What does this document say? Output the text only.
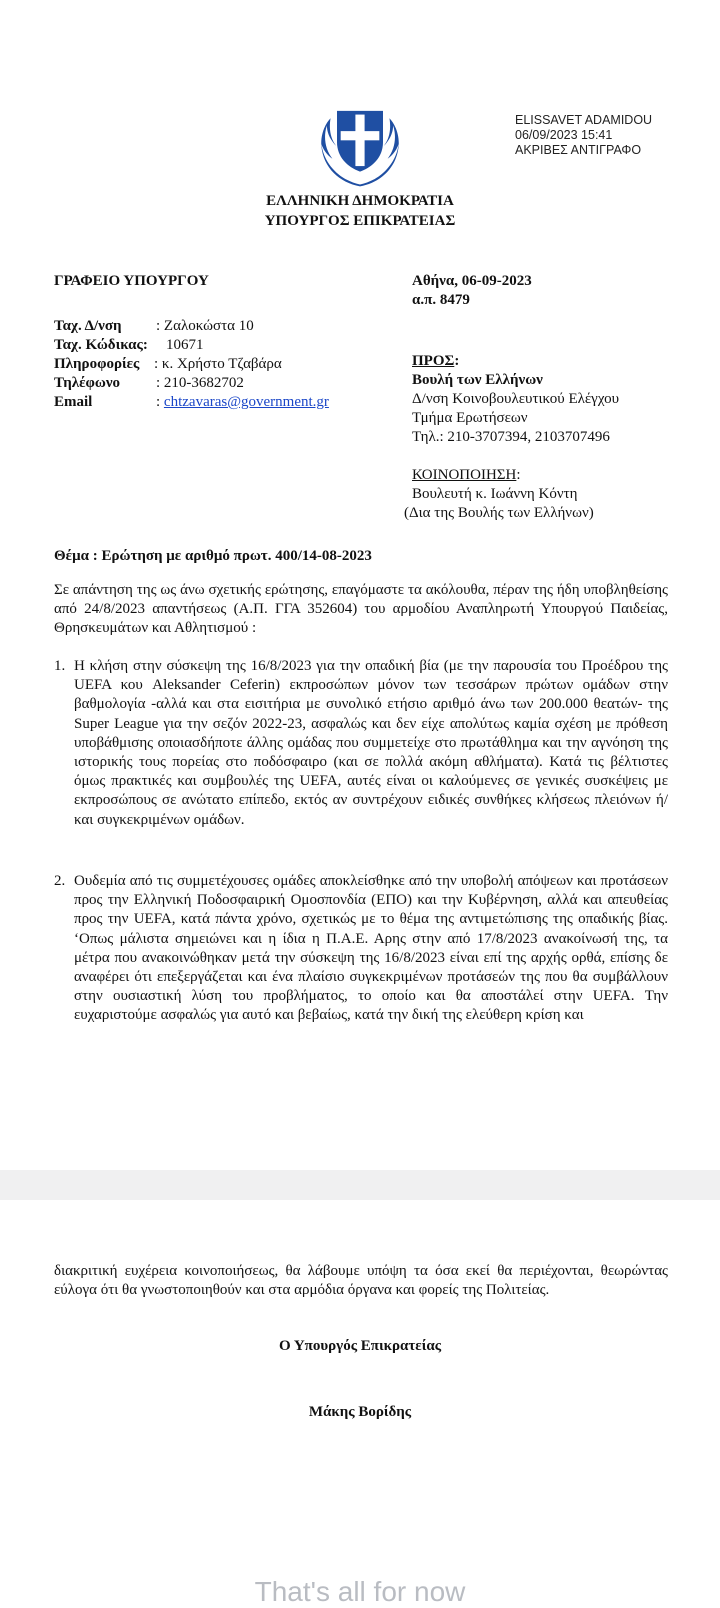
ELISSAVET ADAMIDOU
06/09/2023 15:41
ΑΚΡΙΒΕΣ ΑΝΤΙΓΡΑΦΟ
ΕΛΛΗΝΙΚΗ ΔΗΜΟΚΡΑΤΙΑ
ΥΠΟΥΡΓΟΣ ΕΠΙΚΡΑΤΕΙΑΣ
ΓΡΑΦΕΙΟ ΥΠΟΥΡΓΟΥ	Αθήνα, 06-09-2023
α.π. 8479
Ταχ. Δ/νση : Ζαλοκώστα 10
Ταχ. Κώδικας: 10671
Πληροφορίες : κ. Χρήστο Τζαβάρα
Τηλέφωνο : 210-3682702
Email	: chtzavaras@government.gr
ΠΡΟΣ:
Βουλή των Ελλήνων
Δ/νση Κοινοβουλευτικού Ελέγχου
Τμήμα Ερωτήσεων
Τηλ.: 210-3707394, 2103707496
ΚΟΙΝΟΠΟΙΗΣΗ:
Βουλευτή κ. Ιωάννη Κόντη
(Δια της Βουλής των Ελλήνων)
Θέμα : Ερώτηση με αριθμό πρωτ. 400/14-08-2023
Σε απάντηση της ως άνω σχετικής ερώτησης, επαγόμαστε τα ακόλουθα, πέραν της ήδη υποβληθείσης από 24/8/2023 απαντήσεως (Α.Π. ΓΓΑ 352604) του αρμοδίου Αναπληρωτή Υπουργού Παιδείας, Θρησκευμάτων και Αθλητισμού :
1. Η κλήση στην σύσκεψη της 16/8/2023 για την οπαδική βία (με την παρουσία του Προέδρου της UEFA κου Aleksander Ceferin) εκπροσώπων μόνον των τεσσάρων πρώτων ομάδων στην βαθμολογία -αλλά και στα εισιτήρια με συνολικό ετήσιο αριθμό άνω των 200.000 θεατών- της Super League για την σεζόν 2022-23, ασφαλώς και δεν είχε απολύτως καμία σχέση με πρόθεση υποβάθμισης οποιασδήποτε άλλης ομάδας που συμμετείχε στο πρωτάθλημα και την αγνόηση της ιστορικής τους πορείας στο ποδόσφαιρο (και σε πολλά ακόμη αθλήματα). Κατά τις βέλτιστες όμως πρακτικές και συμβουλές της UEFA, αυτές είναι οι καλούμενες σε γενικές συσκέψεις με εκπροσώπους σε ανώτατο επίπεδο, εκτός αν συντρέχουν ειδικές συνθήκες κλήσεως πλειόνων ή/και συγκεκριμένων ομάδων.
2. Ουδεμία από τις συμμετέχουσες ομάδες αποκλείσθηκε από την υποβολή απόψεων και προτάσεων προς την Ελληνική Ποδοσφαιρική Ομοσπονδία (ΕΠΟ) και την Κυβέρνηση, αλλά και απευθείας προς την UEFA, κατά πάντα χρόνο, σχετικώς με το θέμα της αντιμετώπισης της οπαδικής βίας. ‘Οπως μάλιστα σημειώνει και η ίδια η Π.Α.Ε. Αρης στην από 17/8/2023 ανακοίνωσή της, τα μέτρα που ανακοινώθηκαν μετά την σύσκεψη της 16/8/2023 είναι επί της αρχής ορθά, επίσης δε αναφέρει ότι επεξεργάζεται και ένα πλαίσιο συγκεκριμένων προτάσεών της που θα συμβάλλουν στην ουσιαστική λύση του προβλήματος, το οποίο και θα αποστάλεί στην UEFA. Την ευχαριστούμε ασφαλώς για αυτό και βεβαίως, κατά την δική της ελεύθερη κρίση και
διακριτική ευχέρεια κοινοποιήσεως, θα λάβουμε υπόψη τα όσα εκεί θα περιέχονται, θεωρώντας εύλογα ότι θα γνωστοποιηθούν και στα αρμόδια όργανα και φορείς της Πολιτείας.
Ο Υπουργός Επικρατείας
Μάκης Βορίδης
That's all for now
